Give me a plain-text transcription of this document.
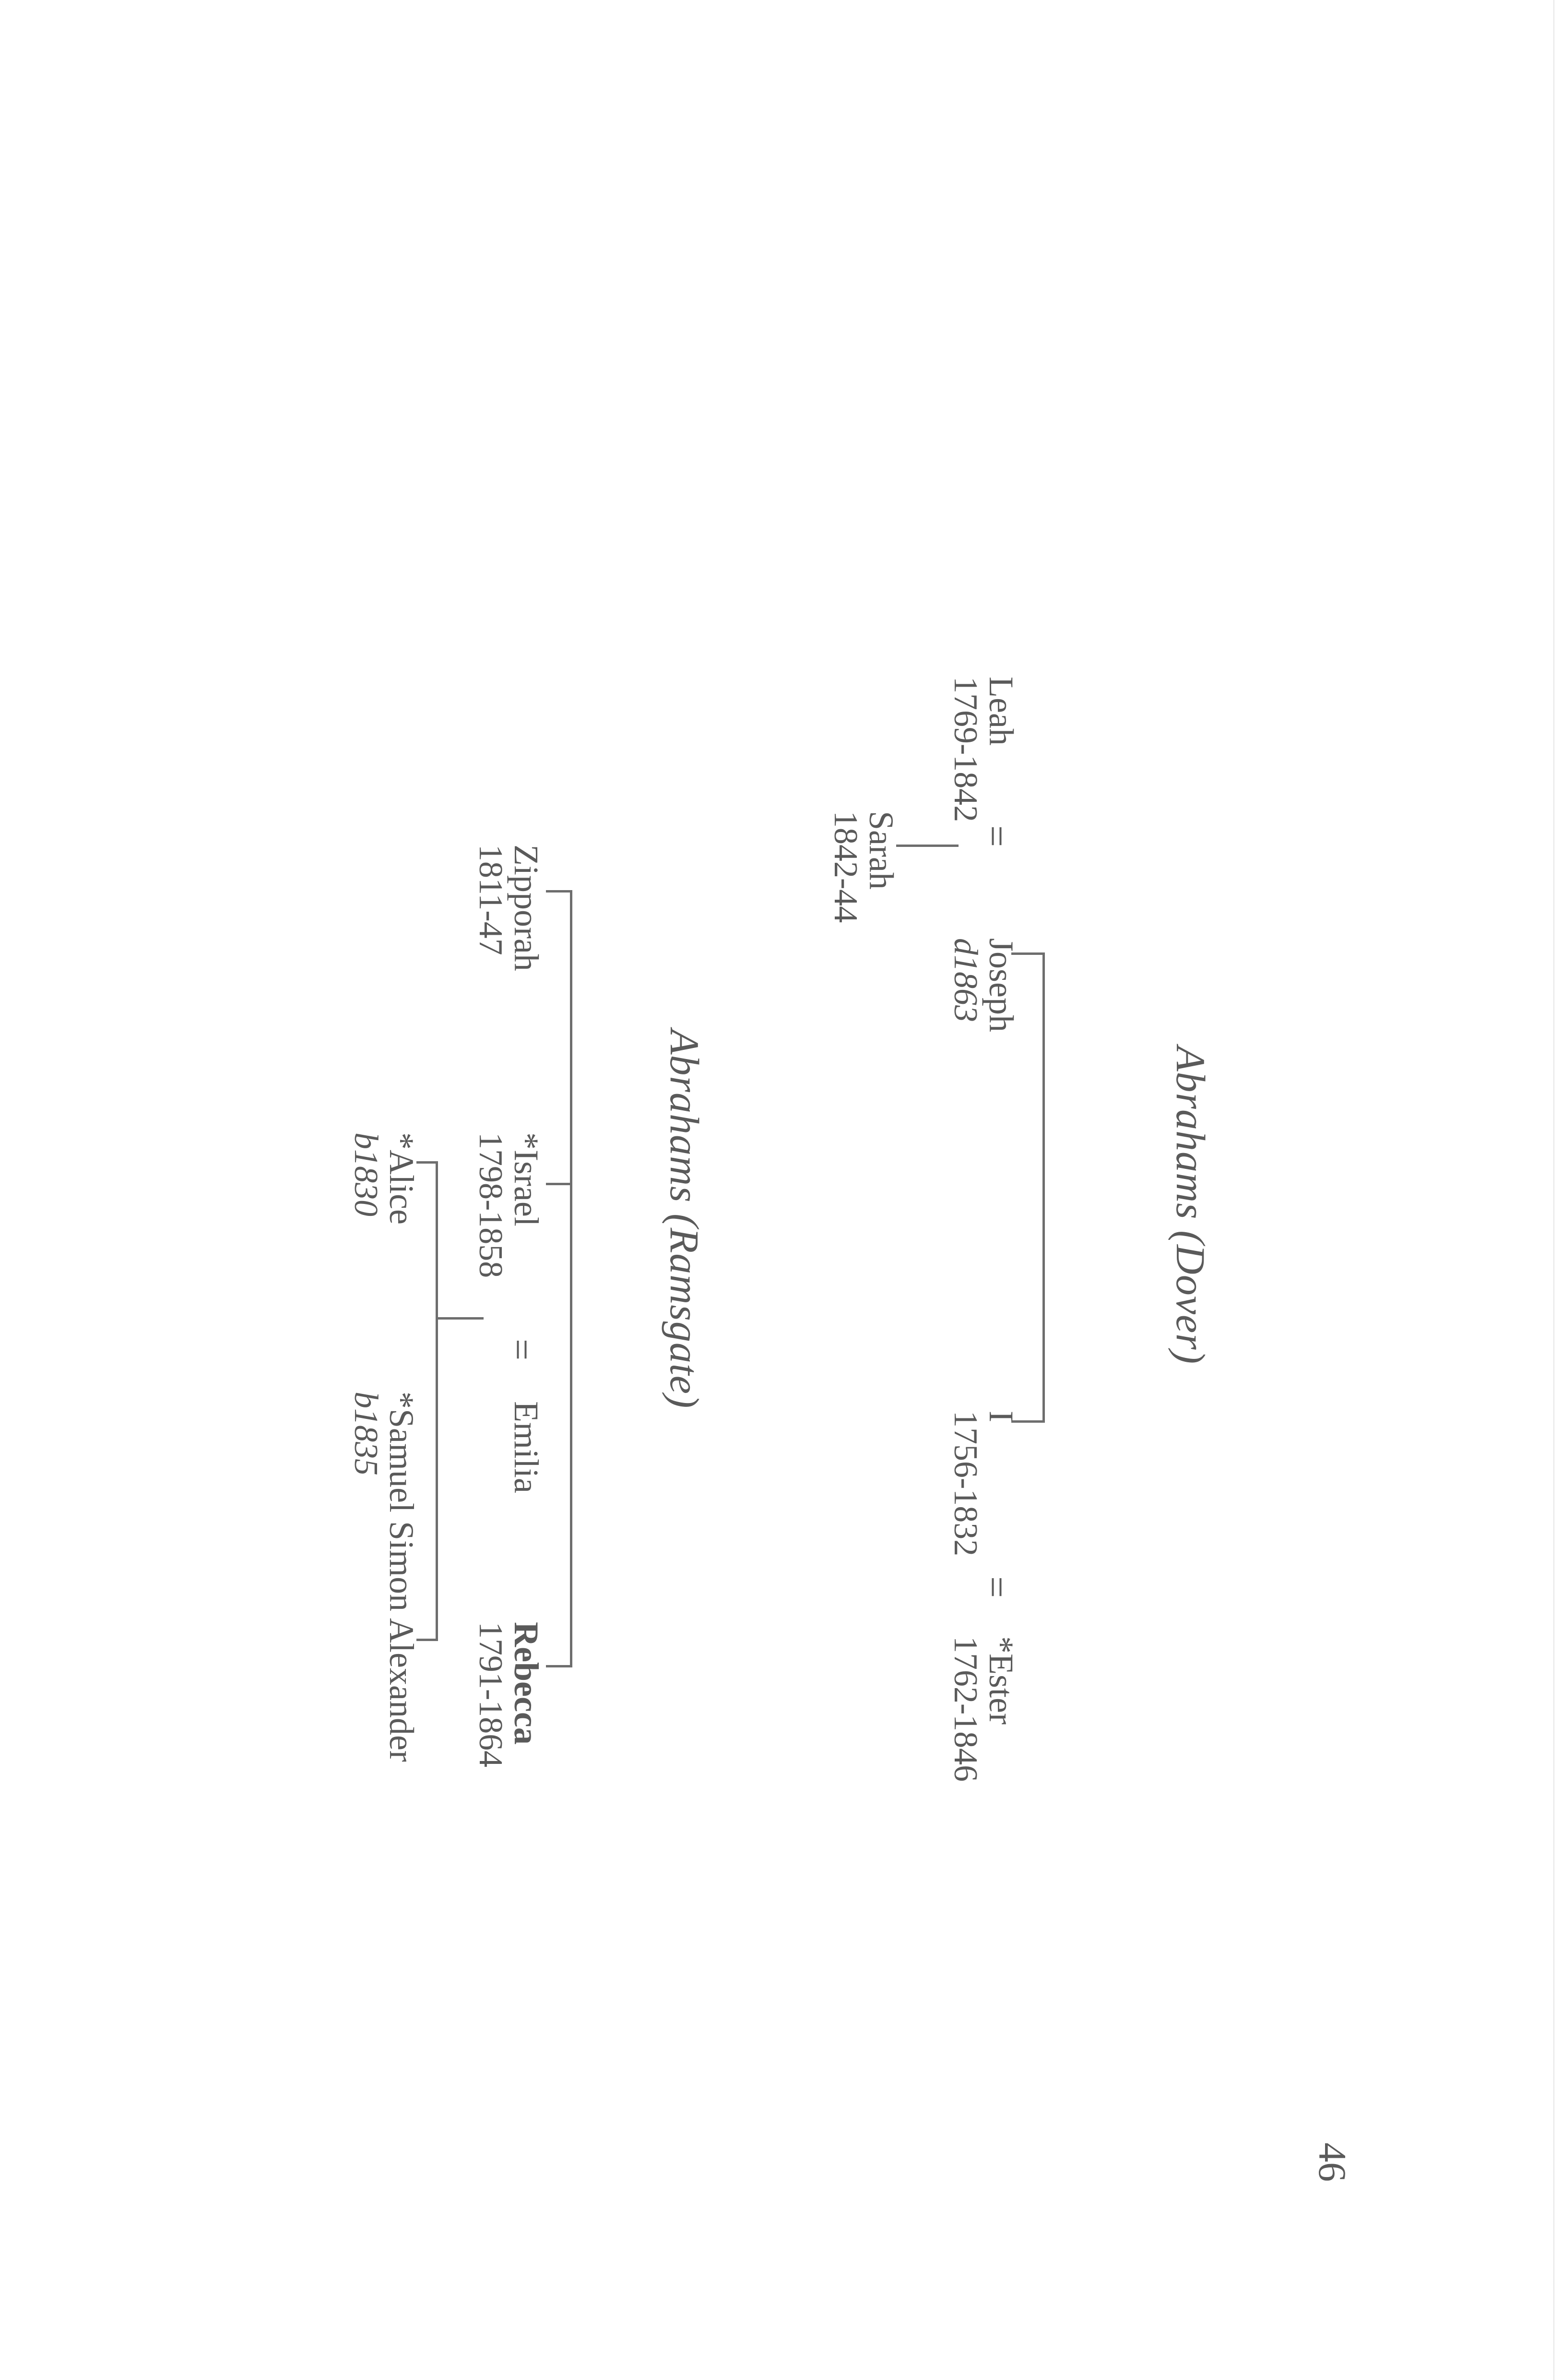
Abrahams (Dover)
Leah
1769-1842
=
Joseph
d1863
I
1756-1832
=
*Ester
1762-1846
Sarah
1842-44
Abrahams (Ramsgate)
Zipporah
1811-47
*Israel
1798-1858
=
Emilia
Rebecca
1791-1864
*Alice
b1830
*Samuel Simon Alexander
b1835
46
